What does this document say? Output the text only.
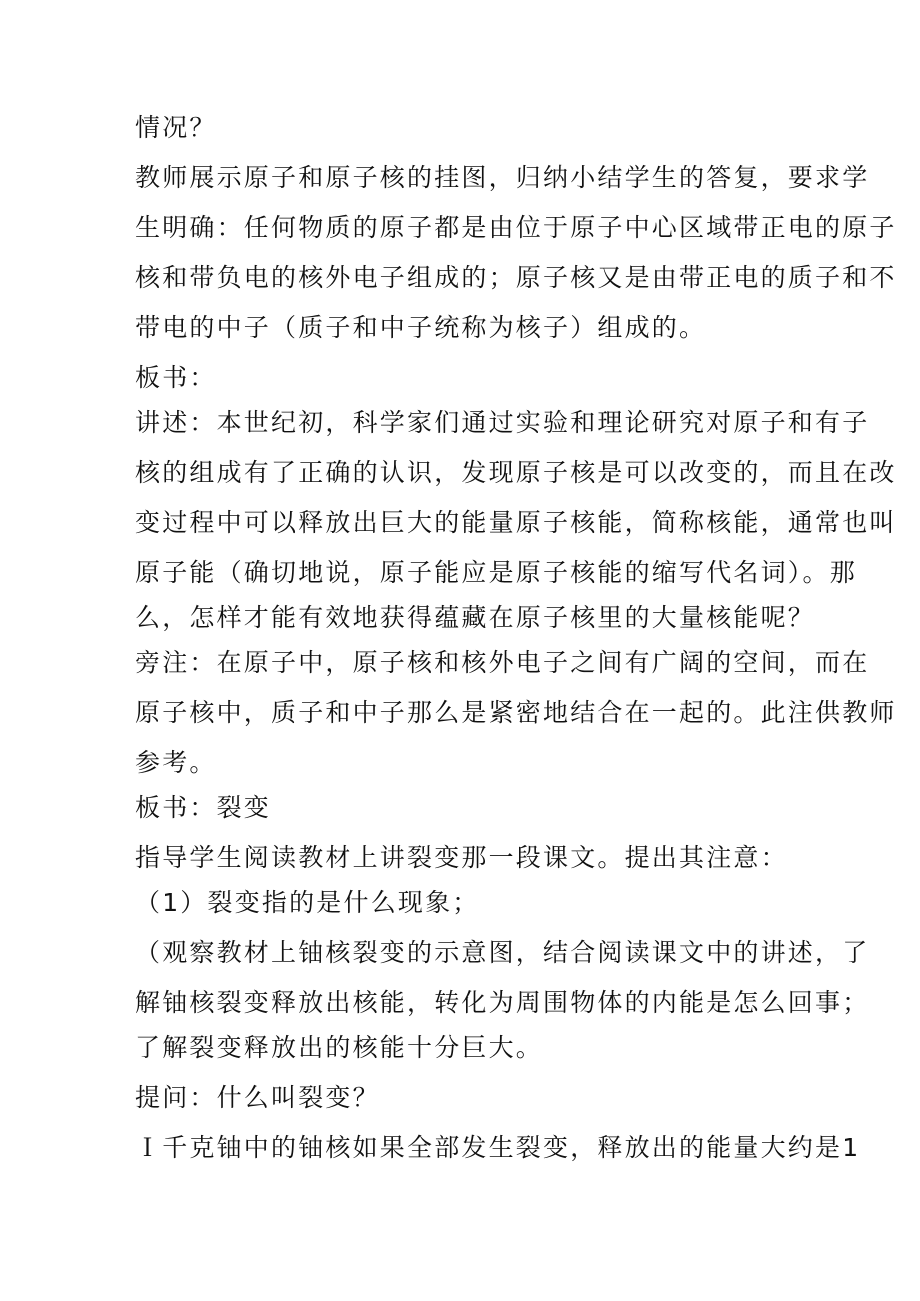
情况？
教师展示原子和原子核的挂图，归纳小结学生的答复，要求学
生明确：任何物质的原子都是由位于原子中心区域带正电的原子
核和带负电的核外电子组成的；原子核又是由带正电的质子和不
带电的中子（质子和中子统称为核子）组成的。
板书：
讲述：本世纪初，科学家们通过实验和理论研究对原子和有子
核的组成有了正确的认识，发现原子核是可以改变的，而且在改
变过程中可以释放出巨大的能量原子核能，简称核能，通常也叫
原子能（确切地说，原子能应是原子核能的缩写代名词）。那
么，怎样才能有效地获得蕴藏在原子核里的大量核能呢？
旁注：在原子中，原子核和核外电子之间有广阔的空间，而在
原子核中，质子和中子那么是紧密地结合在一起的。此注供教师
参考。
板书：裂变
指导学生阅读教材上讲裂变那一段课文。提出其注意：
（1）裂变指的是什么现象；
（观察教材上铀核裂变的示意图，结合阅读课文中的讲述，了
解铀核裂变释放出核能，转化为周围物体的内能是怎么回事；
了解裂变释放出的核能十分巨大。
提问：什么叫裂变？
Ｉ千克铀中的铀核如果全部发生裂变，释放出的能量大约是1
